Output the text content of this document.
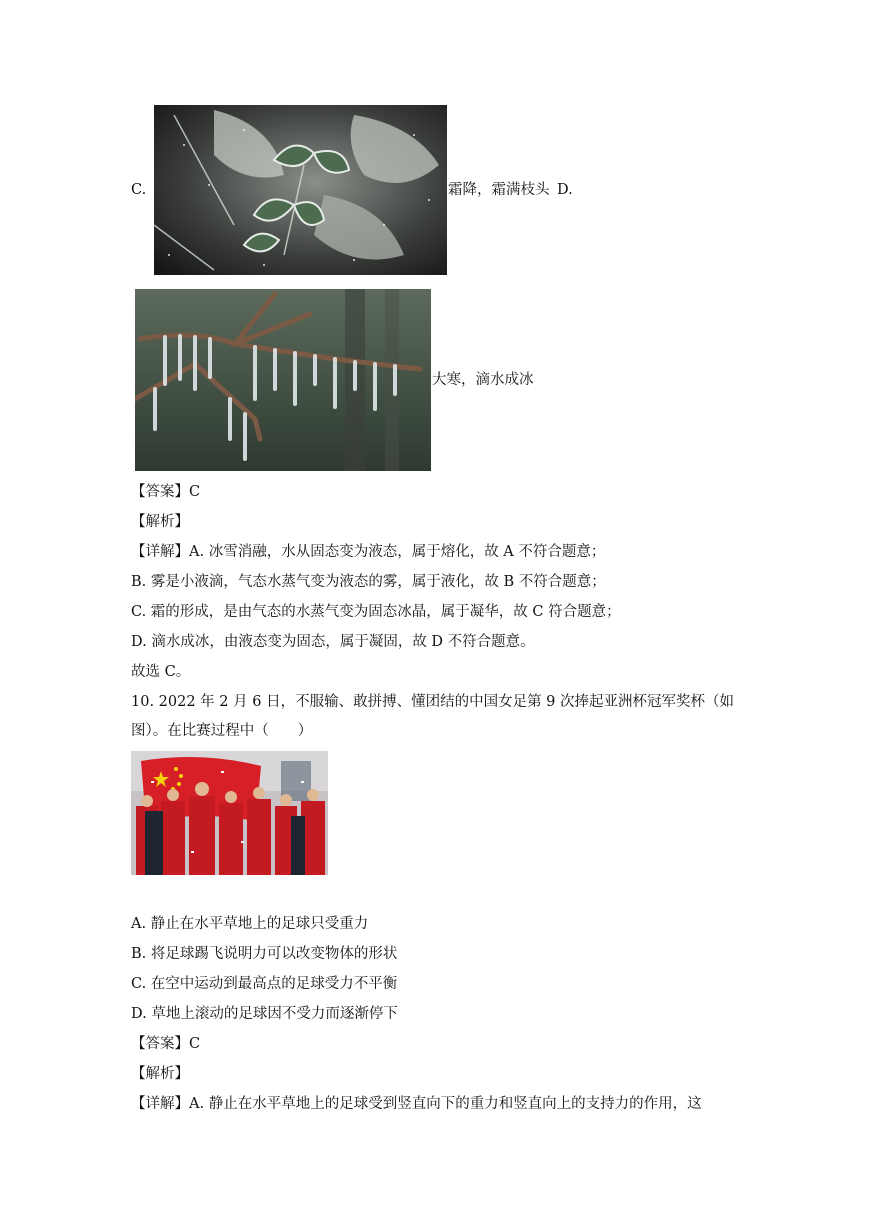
C.	霜降，霜满枝头 D.
大寒，滴水成冰
【答案】C
【解析】
【详解】A. 冰雪消融，水从固态变为液态，属于熔化，故 A 不符合题意；
B. 雾是小液滴，气态水蒸气变为液态的雾，属于液化，故 B 不符合题意；
C. 霜的形成，是由气态的水蒸气变为固态冰晶，属于凝华，故 C 符合题意；
D. 滴水成冰，由液态变为固态，属于凝固，故 D 不符合题意。
故选 C。
10. 2022 年 2 月 6 日，不服输、敢拼搏、懂团结的中国女足第 9 次捧起亚洲杯冠军奖杯（如
图）。在比赛过程中（　　）
A. 静止在水平草地上的足球只受重力
B. 将足球踢飞说明力可以改变物体的形状
C. 在空中运动到最高点的足球受力不平衡
D. 草地上滚动的足球因不受力而逐渐停下
【答案】C
【解析】
【详解】A. 静止在水平草地上的足球受到竖直向下的重力和竖直向上的支持力的作用，这
